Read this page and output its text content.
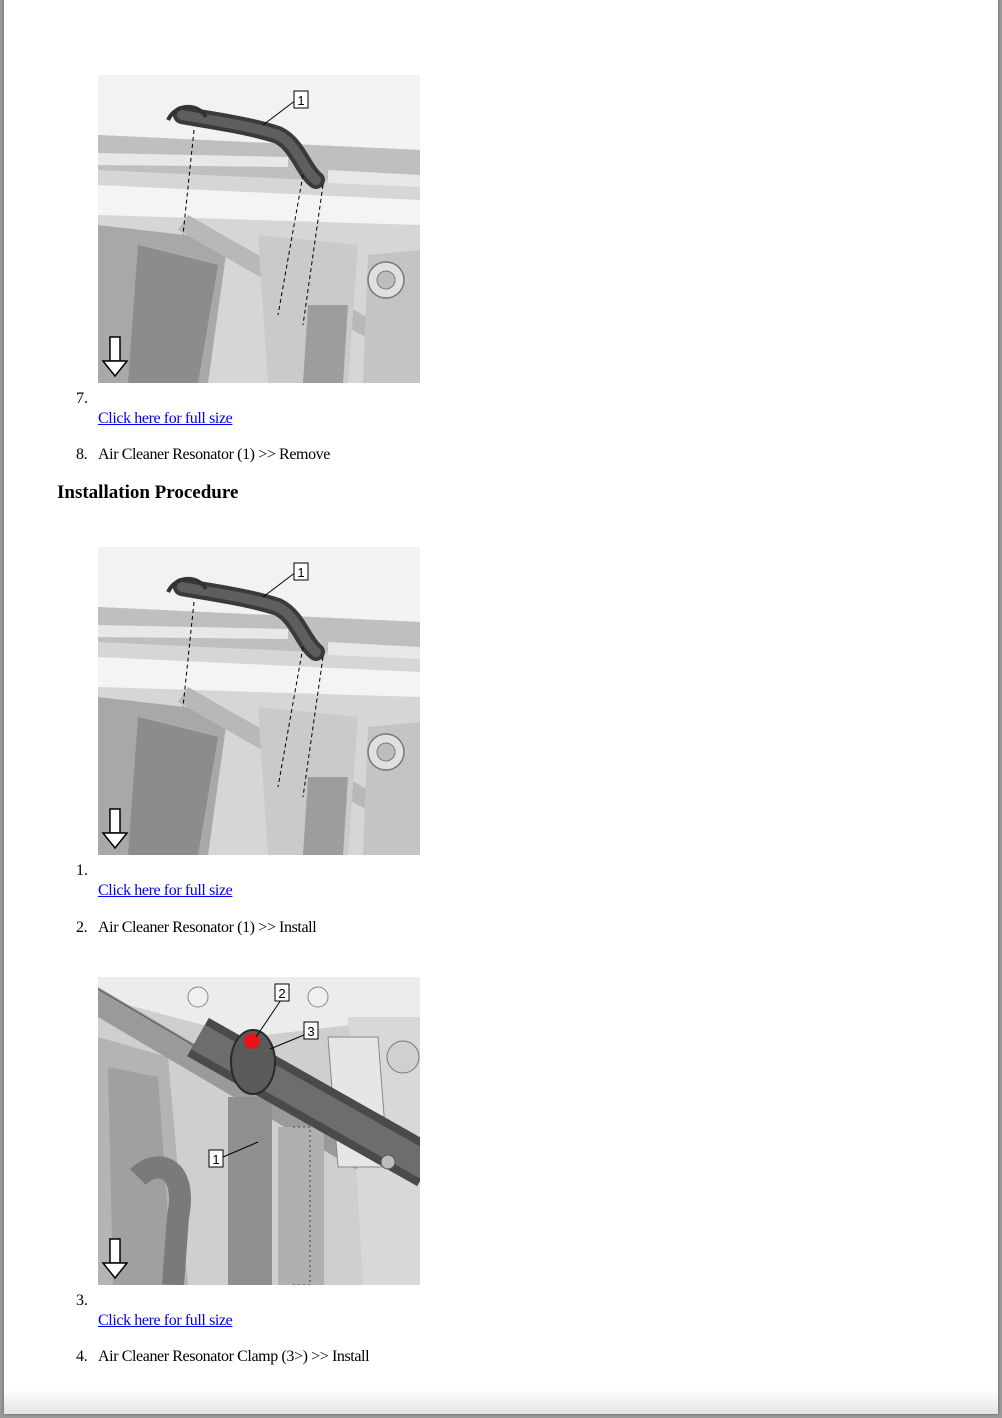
1
7.
Click here for full size
8. Air Cleaner Resonator (1) >> Remove
Installation Procedure
1
1.
Click here for full size
2. Air Cleaner Resonator (1) >> Install
2
3
1
3.
Click here for full size
4. Air Cleaner Resonator Clamp (3>) >> Install
